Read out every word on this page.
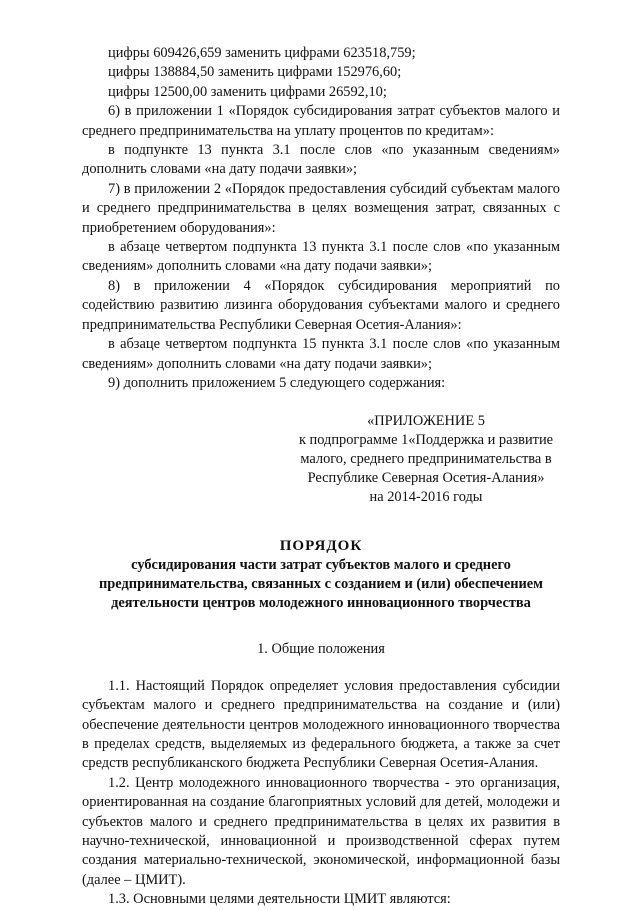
цифры 609426,659 заменить цифрами 623518,759;

цифры 138884,50 заменить цифрами 152976,60;

цифры 12500,00 заменить цифрами 26592,10;

6) в приложении 1 «Порядок субсидирования затрат субъектов малого и среднего предпринимательства на уплату процентов по кредитам»:

в подпункте 13 пункта 3.1 после слов «по указанным сведениям» дополнить словами «на дату подачи заявки»;

7) в приложении 2 «Порядок предоставления субсидий субъектам малого и среднего предпринимательства в целях возмещения затрат, связанных с приобретением оборудования»:

в абзаце четвертом подпункта 13 пункта 3.1 после слов «по указанным сведениям» дополнить словами «на дату подачи заявки»;

8) в приложении 4 «Порядок субсидирования мероприятий по содействию развитию лизинга оборудования субъектами малого и среднего предпринимательства Республики Северная Осетия-Алания»:

в абзаце четвертом подпункта 15 пункта 3.1 после слов «по указанным сведениям» дополнить словами «на дату подачи заявки»;

9) дополнить приложением 5 следующего содержания:

«ПРИЛОЖЕНИЕ 5
к подпрограмме 1«Поддержка и развитие
малого, среднего предпринимательства в
Республике Северная Осетия-Алания»
на 2014-2016 годы
ПОРЯДОК
субсидирования части затрат субъектов малого и среднего
предпринимательства, связанных с созданием и (или) обеспечением
деятельности центров молодежного инновационного творчества
1. Общие положения

1.1. Настоящий Порядок определяет условия предоставления субсидии субъектам малого и среднего предпринимательства на создание и (или) обеспечение деятельности центров молодежного инновационного творчества в пределах средств, выделяемых из федерального бюджета, а также за счет средств республиканского бюджета Республики Северная Осетия-Алания.

1.2. Центр молодежного инновационного творчества - это организация, ориентированная на создание благоприятных условий для детей, молодежи и субъектов малого и среднего предпринимательства в целях их развития в научно-технической, инновационной и производственной сферах путем создания материально-технической, экономической, информационной базы (далее – ЦМИТ).

1.3. Основными целями деятельности ЦМИТ являются:
